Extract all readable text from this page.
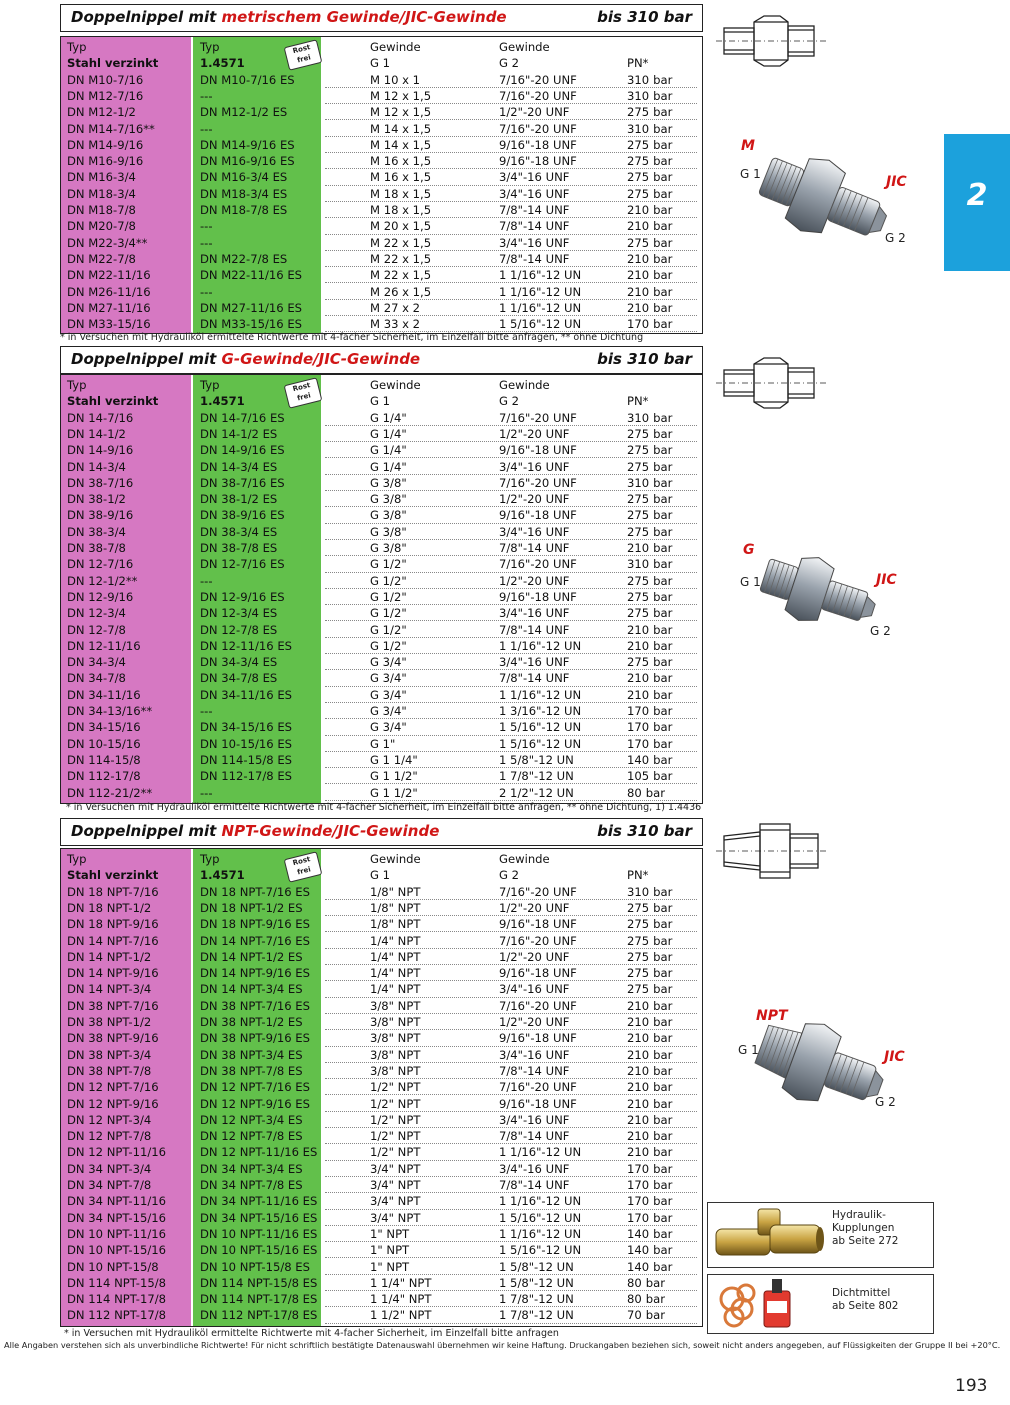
Doppelnippel mit metrischem Gewinde/JIC-Gewinde	bis 310 bar
Typ	Typ	Gewinde	Gewinde
Stahl verzinkt	1.4571	G 1	G 2	PN*
Rost frei
DN M10-7/16	DN M10-7/16 ES	M 10 x 1	7/16"-20 UNF	310 bar
DN M12-7/16	---	M 12 x 1,5	7/16"-20 UNF	310 bar
DN M12-1/2	DN M12-1/2 ES	M 12 x 1,5	1/2"-20 UNF	275 bar
DN M14-7/16**	---	M 14 x 1,5	7/16"-20 UNF	310 bar
DN M14-9/16	DN M14-9/16 ES	M 14 x 1,5	9/16"-18 UNF	275 bar
DN M16-9/16	DN M16-9/16 ES	M 16 x 1,5	9/16"-18 UNF	275 bar
DN M16-3/4	DN M16-3/4 ES	M 16 x 1,5	3/4"-16 UNF	275 bar
DN M18-3/4	DN M18-3/4 ES	M 18 x 1,5	3/4"-16 UNF	275 bar
DN M18-7/8	DN M18-7/8 ES	M 18 x 1,5	7/8"-14 UNF	210 bar
DN M20-7/8	---	M 20 x 1,5	7/8"-14 UNF	210 bar
DN M22-3/4**	---	M 22 x 1,5	3/4"-16 UNF	275 bar
DN M22-7/8	DN M22-7/8 ES	M 22 x 1,5	7/8"-14 UNF	210 bar
DN M22-11/16	DN M22-11/16 ES	M 22 x 1,5	1 1/16"-12 UN	210 bar
DN M26-11/16	---	M 26 x 1,5	1 1/16"-12 UN	210 bar
DN M27-11/16	DN M27-11/16 ES	M 27 x 2	1 1/16"-12 UN	210 bar
DN M33-15/16	DN M33-15/16 ES	M 33 x 2	1 5/16"-12 UN	170 bar
* in Versuchen mit Hydrauliköl ermittelte Richtwerte mit 4-facher Sicherheit, im Einzelfall bitte anfragen, ** ohne Dichtung
Doppelnippel mit G-Gewinde/JIC-Gewinde	bis 310 bar
Typ	Typ	Gewinde	Gewinde
Stahl verzinkt	1.4571	G 1	G 2	PN*
Rost frei
DN 14-7/16	DN 14-7/16 ES	G 1/4"	7/16"-20 UNF	310 bar
DN 14-1/2	DN 14-1/2 ES	G 1/4"	1/2"-20 UNF	275 bar
DN 14-9/16	DN 14-9/16 ES	G 1/4"	9/16"-18 UNF	275 bar
DN 14-3/4	DN 14-3/4 ES	G 1/4"	3/4"-16 UNF	275 bar
DN 38-7/16	DN 38-7/16 ES	G 3/8"	7/16"-20 UNF	310 bar
DN 38-1/2	DN 38-1/2 ES	G 3/8"	1/2"-20 UNF	275 bar
DN 38-9/16	DN 38-9/16 ES	G 3/8"	9/16"-18 UNF	275 bar
DN 38-3/4	DN 38-3/4 ES	G 3/8"	3/4"-16 UNF	275 bar
DN 38-7/8	DN 38-7/8 ES	G 3/8"	7/8"-14 UNF	210 bar
DN 12-7/16	DN 12-7/16 ES	G 1/2"	7/16"-20 UNF	310 bar
DN 12-1/2**	---	G 1/2"	1/2"-20 UNF	275 bar
DN 12-9/16	DN 12-9/16 ES	G 1/2"	9/16"-18 UNF	275 bar
DN 12-3/4	DN 12-3/4 ES	G 1/2"	3/4"-16 UNF	275 bar
DN 12-7/8	DN 12-7/8 ES	G 1/2"	7/8"-14 UNF	210 bar
DN 12-11/16	DN 12-11/16 ES	G 1/2"	1 1/16"-12 UN	210 bar
DN 34-3/4	DN 34-3/4 ES	G 3/4"	3/4"-16 UNF	275 bar
DN 34-7/8	DN 34-7/8 ES	G 3/4"	7/8"-14 UNF	210 bar
DN 34-11/16	DN 34-11/16 ES	G 3/4"	1 1/16"-12 UN	210 bar
DN 34-13/16**	---	G 3/4"	1 3/16"-12 UN	170 bar
DN 34-15/16	DN 34-15/16 ES	G 3/4"	1 5/16"-12 UN	170 bar
DN 10-15/16	DN 10-15/16 ES	G 1"	1 5/16"-12 UN	170 bar
DN 114-15/8	DN 114-15/8 ES	G 1 1/4"	1 5/8"-12 UN	140 bar
DN 112-17/8	DN 112-17/8 ES	G 1 1/2"	1 7/8"-12 UN	105 bar
DN 112-21/2**	---	G 1 1/2"	2 1/2"-12 UN	80 bar
* in Versuchen mit Hydrauliköl ermittelte Richtwerte mit 4-facher Sicherheit, im Einzelfall bitte anfragen, ** ohne Dichtung, 1) 1.4436
Doppelnippel mit NPT-Gewinde/JIC-Gewinde	bis 310 bar
Typ	Typ	Gewinde	Gewinde
Stahl verzinkt	1.4571	G 1	G 2	PN*
Rost frei
DN 18 NPT-7/16	DN 18 NPT-7/16 ES	1/8" NPT	7/16"-20 UNF	310 bar
DN 18 NPT-1/2	DN 18 NPT-1/2 ES	1/8" NPT	1/2"-20 UNF	275 bar
DN 18 NPT-9/16	DN 18 NPT-9/16 ES	1/8" NPT	9/16"-18 UNF	275 bar
DN 14 NPT-7/16	DN 14 NPT-7/16 ES	1/4" NPT	7/16"-20 UNF	275 bar
DN 14 NPT-1/2	DN 14 NPT-1/2 ES	1/4" NPT	1/2"-20 UNF	275 bar
DN 14 NPT-9/16	DN 14 NPT-9/16 ES	1/4" NPT	9/16"-18 UNF	275 bar
DN 14 NPT-3/4	DN 14 NPT-3/4 ES	1/4" NPT	3/4"-16 UNF	275 bar
DN 38 NPT-7/16	DN 38 NPT-7/16 ES	3/8" NPT	7/16"-20 UNF	210 bar
DN 38 NPT-1/2	DN 38 NPT-1/2 ES	3/8" NPT	1/2"-20 UNF	210 bar
DN 38 NPT-9/16	DN 38 NPT-9/16 ES	3/8" NPT	9/16"-18 UNF	210 bar
DN 38 NPT-3/4	DN 38 NPT-3/4 ES	3/8" NPT	3/4"-16 UNF	210 bar
DN 38 NPT-7/8	DN 38 NPT-7/8 ES	3/8" NPT	7/8"-14 UNF	210 bar
DN 12 NPT-7/16	DN 12 NPT-7/16 ES	1/2" NPT	7/16"-20 UNF	210 bar
DN 12 NPT-9/16	DN 12 NPT-9/16 ES	1/2" NPT	9/16"-18 UNF	210 bar
DN 12 NPT-3/4	DN 12 NPT-3/4 ES	1/2" NPT	3/4"-16 UNF	210 bar
DN 12 NPT-7/8	DN 12 NPT-7/8 ES	1/2" NPT	7/8"-14 UNF	210 bar
DN 12 NPT-11/16	DN 12 NPT-11/16 ES	1/2" NPT	1 1/16"-12 UN	210 bar
DN 34 NPT-3/4	DN 34 NPT-3/4 ES	3/4" NPT	3/4"-16 UNF	170 bar
DN 34 NPT-7/8	DN 34 NPT-7/8 ES	3/4" NPT	7/8"-14 UNF	170 bar
DN 34 NPT-11/16	DN 34 NPT-11/16 ES	3/4" NPT	1 1/16"-12 UN	170 bar
DN 34 NPT-15/16	DN 34 NPT-15/16 ES	3/4" NPT	1 5/16"-12 UN	170 bar
DN 10 NPT-11/16	DN 10 NPT-11/16 ES	1" NPT	1 1/16"-12 UN	140 bar
DN 10 NPT-15/16	DN 10 NPT-15/16 ES	1" NPT	1 5/16"-12 UN	140 bar
DN 10 NPT-15/8	DN 10 NPT-15/8 ES	1" NPT	1 5/8"-12 UN	140 bar
DN 114 NPT-15/8	DN 114 NPT-15/8 ES	1 1/4" NPT	1 5/8"-12 UN	80 bar
DN 114 NPT-17/8	DN 114 NPT-17/8 ES	1 1/4" NPT	1 7/8"-12 UN	80 bar
DN 112 NPT-17/8	DN 112 NPT-17/8 ES	1 1/2" NPT	1 7/8"-12 UN	70 bar
* in Versuchen mit Hydrauliköl ermittelte Richtwerte mit 4-facher Sicherheit, im Einzelfall bitte anfragen
M
G 1	JIC
G 2
G
G 1	JIC
G 2
NPT
G 1	JIC
G 2
2
Hydraulik-
Kupplungen
ab Seite 272
Dichtmittel
ab Seite 802
Alle Angaben verstehen sich als unverbindliche Richtwerte! Für nicht schriftlich bestätigte Datenauswahl übernehmen wir keine Haftung. Druckangaben beziehen sich, soweit nicht anders angegeben, auf Flüssigkeiten der Gruppe II bei +20°C.
193
